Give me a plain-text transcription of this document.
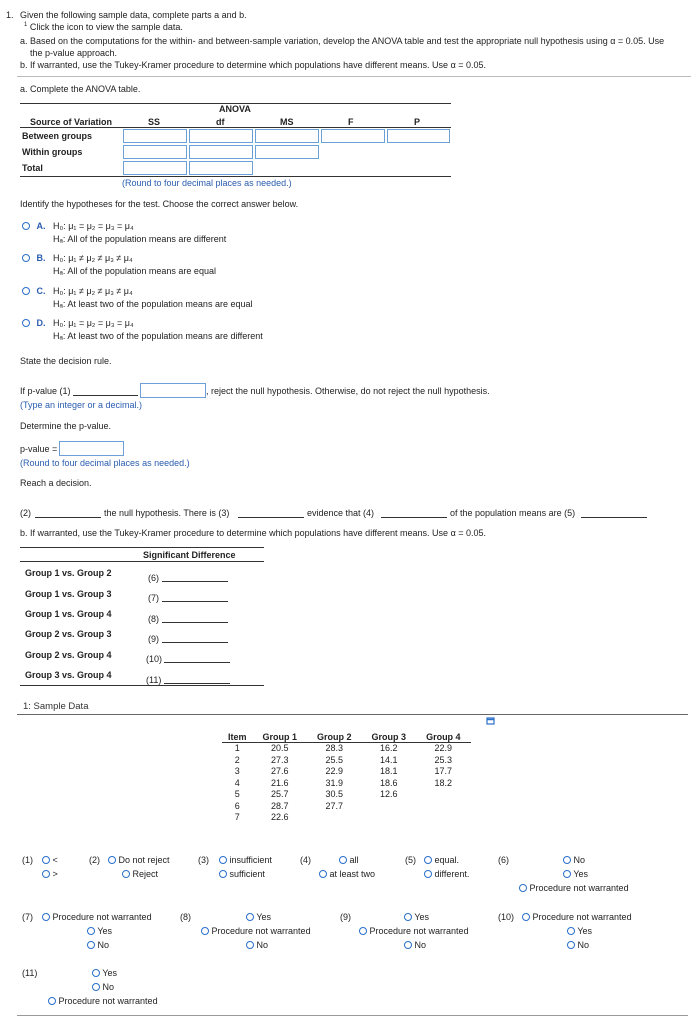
1. Given the following sample data, complete parts a and b.
$^1$ Click the icon to view the sample data.
a. Based on the computations for the within- and between-sample variation, develop the ANOVA table and test the appropriate null hypothesis using α = 0.05. Use
the p-value approach.
b. If warranted, use the Tukey-Kramer procedure to determine which populations have different means. Use α = 0.05.
a. Complete the ANOVA table.
ANOVA
Source of Variation	SS	df	MS	F	P
Between groups
Within groups
Total
(Round to four decimal places as needed.)
Identify the hypotheses for the test. Choose the correct answer below.
A. H₀: μ₁ = μ₂ = μ₃ = μ₄
Hₐ: All of the population means are different
B. H₀: μ₁ ≠ μ₂ ≠ μ₃ ≠ μ₄
Hₐ: All of the population means are equal
C. H₀: μ₁ ≠ μ₂ ≠ μ₃ ≠ μ₄
Hₐ: At least two of the population means are equal
D. H₀: μ₁ = μ₂ = μ₃ = μ₄
Hₐ: At least two of the population means are different
State the decision rule.
If p-value (1)	, reject the null hypothesis. Otherwise, do not reject the null hypothesis.
(Type an integer or a decimal.)
Determine the p-value.
p-value =
(Round to four decimal places as needed.)
Reach a decision.
(2)	the null hypothesis. There is (3)	evidence that (4)	of the population means are (5)
b. If warranted, use the Tukey-Kramer procedure to determine which populations have different means. Use α = 0.05.
Significant Difference
Group 1 vs. Group 2	(6)
Group 1 vs. Group 3	(7)
Group 1 vs. Group 4	(8)
Group 2 vs. Group 3	(9)
Group 2 vs. Group 4	(10)
Group 3 vs. Group 4	(11)
1: Sample Data
Item	Group 1	Group 2	Group 3	Group 4
1	20.5	28.3	16.2	22.9
2	27.3	25.5	14.1	25.3
3	27.6	22.9	18.1	17.7
4	21.6	31.9	18.6	18.2
5	25.7	30.5	12.6	
6	28.7	27.7		
7	22.6			
(1)	<
>
(2)	Do not reject
Reject
(3)	insufficient
sufficient
(4)	all
at least two
(5)	equal.
different.
(6)	No
Yes
Procedure not warranted
(7)	Procedure not warranted
Yes
No
(8)	Yes
Procedure not warranted
No
(9)	Yes
Procedure not warranted
No
(10)	Procedure not warranted
Yes
No
(11)	Yes
No
Procedure not warranted
